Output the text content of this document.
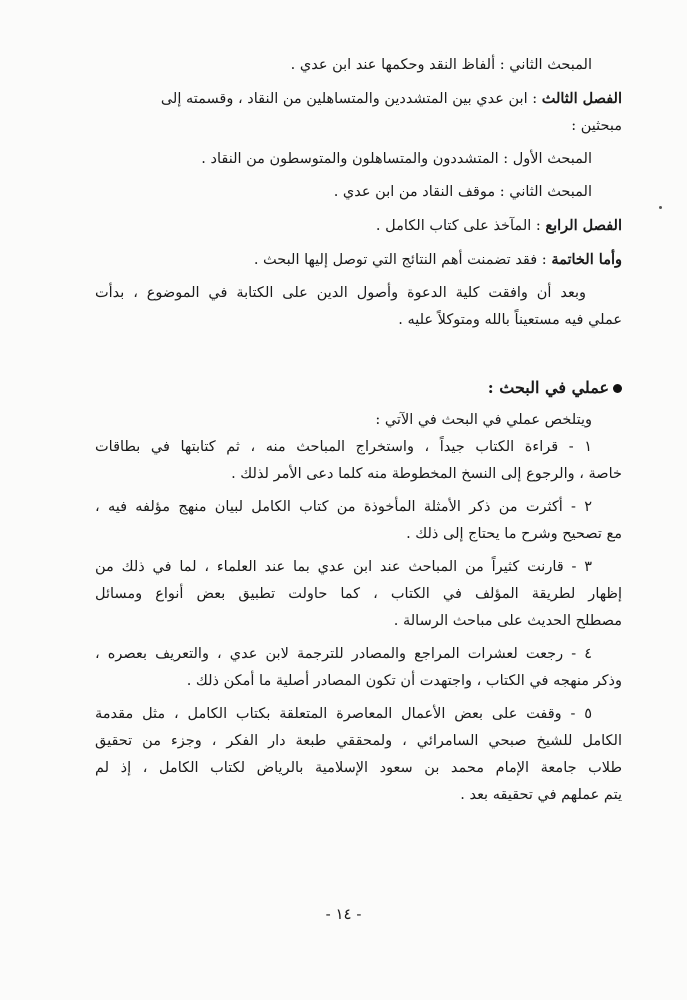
المبحث الثاني : ألفاظ النقد وحكمها عند ابن عدي .
الفصل الثالث : ابن عدي بين المتشددين والمتساهلين من النقاد ، وقسمته إلى
مبحثين :
المبحث الأول : المتشددون والمتساهلون والمتوسطون من النقاد .
المبحث الثاني : موقف النقاد من ابن عدي .
الفصل الرابع : المآخذ على كتاب الكامل .
وأما الخاتمة : فقد تضمنت أهم النتائج التي توصل إليها البحث .
وبعد أن وافقت كلية الدعوة وأصول الدين على الكتابة في الموضوع ، بدأت
عملي فيه مستعيناً بالله ومتوكلاً عليه .
عملي في البحث :
ويتلخص عملي في البحث في الآتي :
١ - قراءة الكتاب جيداً ، واستخراج المباحث منه ، ثم كتابتها في بطاقات
خاصة ، والرجوع إلى النسخ المخطوطة منه كلما دعى الأمر لذلك .
٢ - أكثرت من ذكر الأمثلة المأخوذة من كتاب الكامل لبيان منهج مؤلفه فيه ،
مع تصحيح وشرح ما يحتاج إلى ذلك .
٣ - قارنت كثيراً من المباحث عند ابن عدي بما عند العلماء ، لما في ذلك من
إظهار لطريقة المؤلف في الكتاب ، كما حاولت تطبيق بعض أنواع ومسائل
مصطلح الحديث على مباحث الرسالة .
٤ - رجعت لعشرات المراجع والمصادر للترجمة لابن عدي ، والتعريف بعصره ،
وذكر منهجه في الكتاب ، واجتهدت أن تكون المصادر أصلية ما أمكن ذلك .
٥ - وقفت على بعض الأعمال المعاصرة المتعلقة بكتاب الكامل ، مثل مقدمة
الكامل للشيخ صبحي السامرائي ، ولمحققي طبعة دار الفكر ، وجزء من تحقيق
طلاب جامعة الإمام محمد بن سعود الإسلامية بالرياض لكتاب الكامل ، إذ لم
يتم عملهم في تحقيقه بعد .
- ١٤ -
